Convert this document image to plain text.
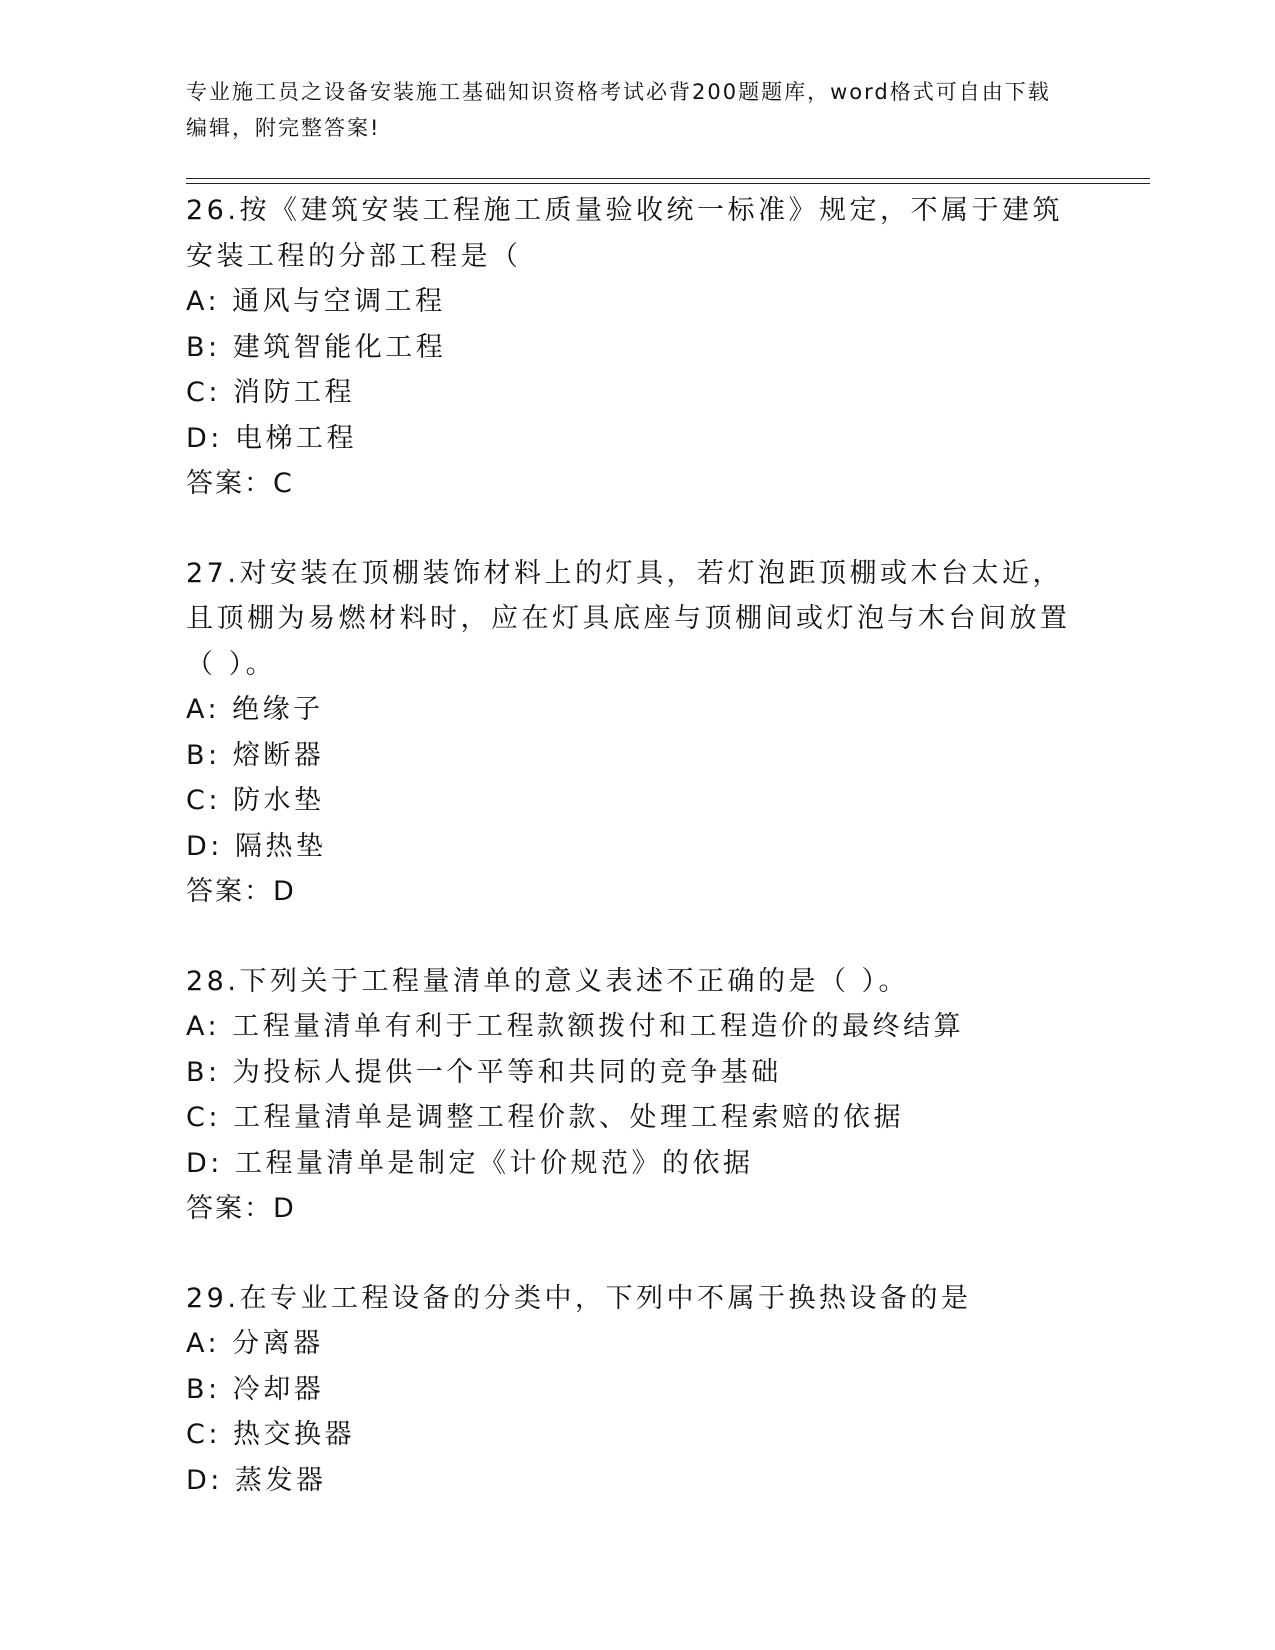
专业施工员之设备安装施工基础知识资格考试必背200题题库，word格式可自由下载编辑，附完整答案!
26.按《建筑安装工程施工质量验收统一标准》规定，不属于建筑安装工程的分部工程是（
A: 通风与空调工程
B: 建筑智能化工程
C: 消防工程
D: 电梯工程
答案：C
27.对安装在顶棚装饰材料上的灯具，若灯泡距顶棚或木台太近，且顶棚为易燃材料时，应在灯具底座与顶棚间或灯泡与木台间放置（ ）。
A: 绝缘子
B: 熔断器
C: 防水垫
D: 隔热垫
答案：D
28.下列关于工程量清单的意义表述不正确的是（ ）。
A: 工程量清单有利于工程款额拨付和工程造价的最终结算
B: 为投标人提供一个平等和共同的竞争基础
C: 工程量清单是调整工程价款、处理工程索赔的依据
D: 工程量清单是制定《计价规范》的依据
答案：D
29.在专业工程设备的分类中，下列中不属于换热设备的是
A: 分离器
B: 冷却器
C: 热交换器
D: 蒸发器
